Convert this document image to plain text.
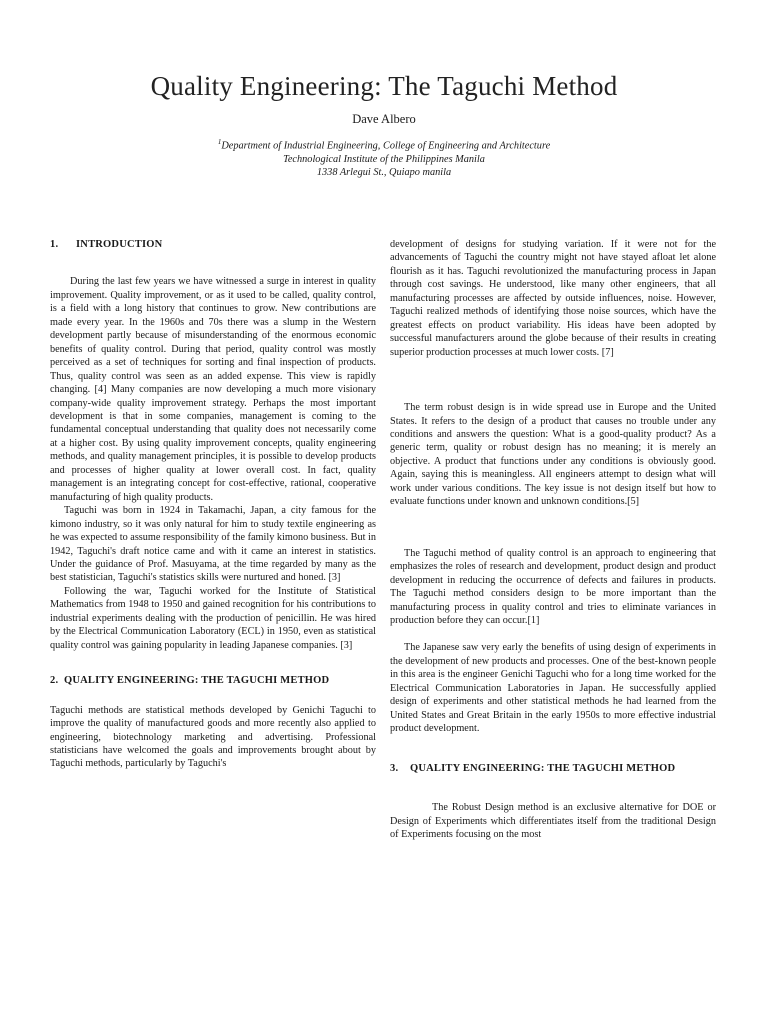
Quality Engineering: The Taguchi Method
Dave Albero
$^1$Department of Industrial Engineering, College of Engineering and Architecture
Technological Institute of the Philippines Manila
1338 Arlegui St., Quiapo manila
1. INTRODUCTION

During the last few years we have witnessed a surge in interest in quality improvement. Quality improvement, or as it used to be called, quality control, is a field with a long history that continues to grow. New contributions are made every year. In the 1960s and 70s there was a slump in the Western development partly because of misunderstanding of the enormous economic benefits of quality control. During that period, quality control was mostly perceived as a set of techniques for sorting and final inspection of products. Thus, quality control was seen as an added expense. This view is rapidly changing. [4] Many companies are now developing a much more visionary company-wide quality improvement strategy. Perhaps the most important development is that in some companies, management is coming to the fundamental conceptual understanding that quality does not necessarily come at a higher cost. By using quality improvement concepts, quality engineering methods, and quality management principles, it is possible to develop products and processes of higher quality at lower overall cost. In fact, quality management is an integrating concept for cost-effective, rational, cooperative manufacturing of high quality products.

Taguchi was born in 1924 in Takamachi, Japan, a city famous for the kimono industry, so it was only natural for him to study textile engineering as he was expected to assume responsibility of the family kimono business. But in 1942, Taguchi's draft notice came and with it came an interest in statistics. Under the guidance of Prof. Masuyama, at the time regarded by many as the best statistician, Taguchi's statistics skills were nurtured and honed. [3]

Following the war, Taguchi worked for the Institute of Statistical Mathematics from 1948 to 1950 and gained recognition for his contributions to industrial experiments dealing with the production of penicillin. He was hired by the Electrical Communication Laboratory (ECL) in 1950, even as statistical quality control was gaining popularity in leading Japanese companies. [3]

2. QUALITY ENGINEERING: THE TAGUCHI METHOD

Taguchi methods are statistical methods developed by Genichi Taguchi to improve the quality of manufactured goods and more recently also applied to engineering, biotechnology marketing and advertising. Professional statisticians have welcomed the goals and improvements brought about by Taguchi methods, particularly by Taguchi's

development of designs for studying variation. If it were not for the advancements of Taguchi the country might not have stayed afloat let alone flourish as it has. Taguchi revolutionized the manufacturing process in Japan through cost savings. He understood, like many other engineers, that all manufacturing processes are affected by outside influences, noise. However, Taguchi realized methods of identifying those noise sources, which have the greatest effects on product variability. His ideas have been adopted by successful manufacturers around the globe because of their results in creating superior production processes at much lower costs. [7]

The term robust design is in wide spread use in Europe and the United States. It refers to the design of a product that causes no trouble under any conditions and answers the question: What is a good-quality product? As a generic term, quality or robust design has no meaning; it is merely an objective. A product that functions under any conditions is obviously good. Again, saying this is meaningless. All engineers attempt to design what will work under various conditions. The key issue is not design itself but how to evaluate functions under known and unknown conditions.[5]

The Taguchi method of quality control is an approach to engineering that emphasizes the roles of research and development, product design and product development in reducing the occurrence of defects and failures in products. The Taguchi method considers design to be more important than the manufacturing process in quality control and tries to eliminate variances in production before they can occur.[1]

The Japanese saw very early the benefits of using design of experiments in the development of new products and processes. One of the best-known people in this area is the engineer Genichi Taguchi who for a long time worked for the Electrical Communication Laboratories in Japan. He successfully applied design of experiments and other statistical methods he had learned from the United States and Great Britain in the early 1950s to more effective industrial product development.

3. QUALITY ENGINEERING: THE TAGUCHI METHOD

The Robust Design method is an exclusive alternative for DOE or Design of Experiments which differentiates itself from the traditional Design of Experiments focusing on the most
